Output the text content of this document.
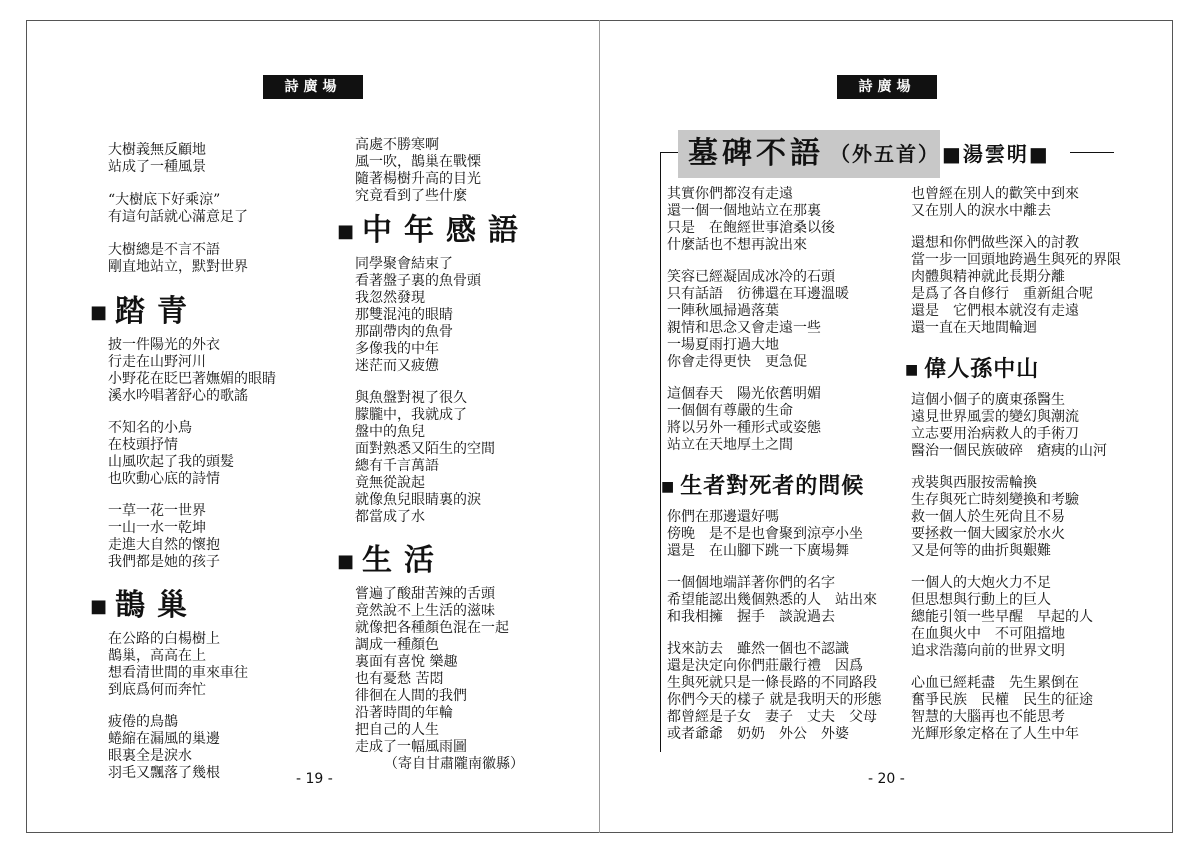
詩廣場
大樹義無反顧地
站成了一種風景
“大樹底下好乘涼”
有這句話就心滿意足了
大樹總是不言不語
剛直地站立，默對世界
■ 踏青
披一件陽光的外衣
行走在山野河川
小野花在眨巴著嫵媚的眼睛
溪水吟唱著舒心的歌謠
不知名的小鳥
在枝頭抒情
山風吹起了我的頭髮
也吹動心底的詩情
一草一花一世界
一山一水一乾坤
走進大自然的懷抱
我們都是她的孩子
■ 鵲巢
在公路的白楊樹上
鵲巢，高高在上
想看清世間的車來車往
到底爲何而奔忙
疲倦的鳥鵲
蜷縮在漏風的巢邊
眼裏全是淚水
羽毛又飄落了幾根
高處不勝寒啊
風一吹，鵲巢在戰慄
隨著楊樹升高的目光
究竟看到了些什麼
■ 中年感語
同學聚會結束了
看著盤子裏的魚骨頭
我忽然發現
那雙混沌的眼睛
那副帶肉的魚骨
多像我的中年
迷茫而又疲憊
與魚盤對視了很久
朦朧中，我就成了
盤中的魚兒
面對熟悉又陌生的空間
總有千言萬語
竟無從說起
就像魚兒眼睛裏的淚
都當成了水
■ 生活
嘗遍了酸甜苦辣的舌頭
竟然說不上生活的滋味
就像把各種顏色混在一起
調成一種顏色
裏面有喜悅 樂趣
也有憂愁 苦悶
徘徊在人間的我們
沿著時間的年輪
把自己的人生
走成了一幅風雨圖
（寄自甘肅隴南徽縣）
- 19 -
詩廣場
墓碑不語 （外五首） ■湯雲明■
其實你們都沒有走遠
還一個一個地站立在那裏
只是　在飽經世事滄桑以後
什麼話也不想再說出來
笑容已經凝固成冰冷的石頭
只有話語　彷彿還在耳邊溫暖
一陣秋風掃過落葉
親情和思念又會走遠一些
一場夏雨打過大地
你會走得更快　更急促
這個春天　陽光依舊明媚
一個個有尊嚴的生命
將以另外一種形式或姿態
站立在天地厚土之間
■ 生者對死者的問候
你們在那邊還好嗎
傍晚　是不是也會聚到涼亭小坐
還是　在山腳下跳一下廣場舞
一個個地端詳著你們的名字
希望能認出幾個熟悉的人　站出來
和我相擁　握手　談說過去
找來訪去　雖然一個也不認識
還是決定向你們莊嚴行禮　因爲
生與死就只是一條長路的不同路段
你們今天的樣子 就是我明天的形態
都曾經是子女　妻子　丈夫　父母
或者爺爺　奶奶　外公　外婆
也曾經在別人的歡笑中到來
又在別人的淚水中離去
還想和你們做些深入的討教
當一步一回頭地跨過生與死的界限
肉體與精神就此長期分離
是爲了各自修行　重新組合呢
還是　它們根本就沒有走遠
還一直在天地間輪迴
■ 偉人孫中山
這個小個子的廣東孫醫生
遠見世界風雲的變幻與潮流
立志要用治病救人的手術刀
醫治一個民族破碎　瘡痍的山河
戎裝與西服按需輪換
生存與死亡時刻變換和考驗
救一個人於生死尙且不易
要拯救一個大國家於水火
又是何等的曲折與艱難
一個人的大炮火力不足
但思想與行動上的巨人
總能引領一些早醒　早起的人
在血與火中　不可阻擋地
追求浩蕩向前的世界文明
心血已經耗盡　先生累倒在
奮爭民族　民權　民生的征途
智慧的大腦再也不能思考
光輝形象定格在了人生中年
- 20 -
